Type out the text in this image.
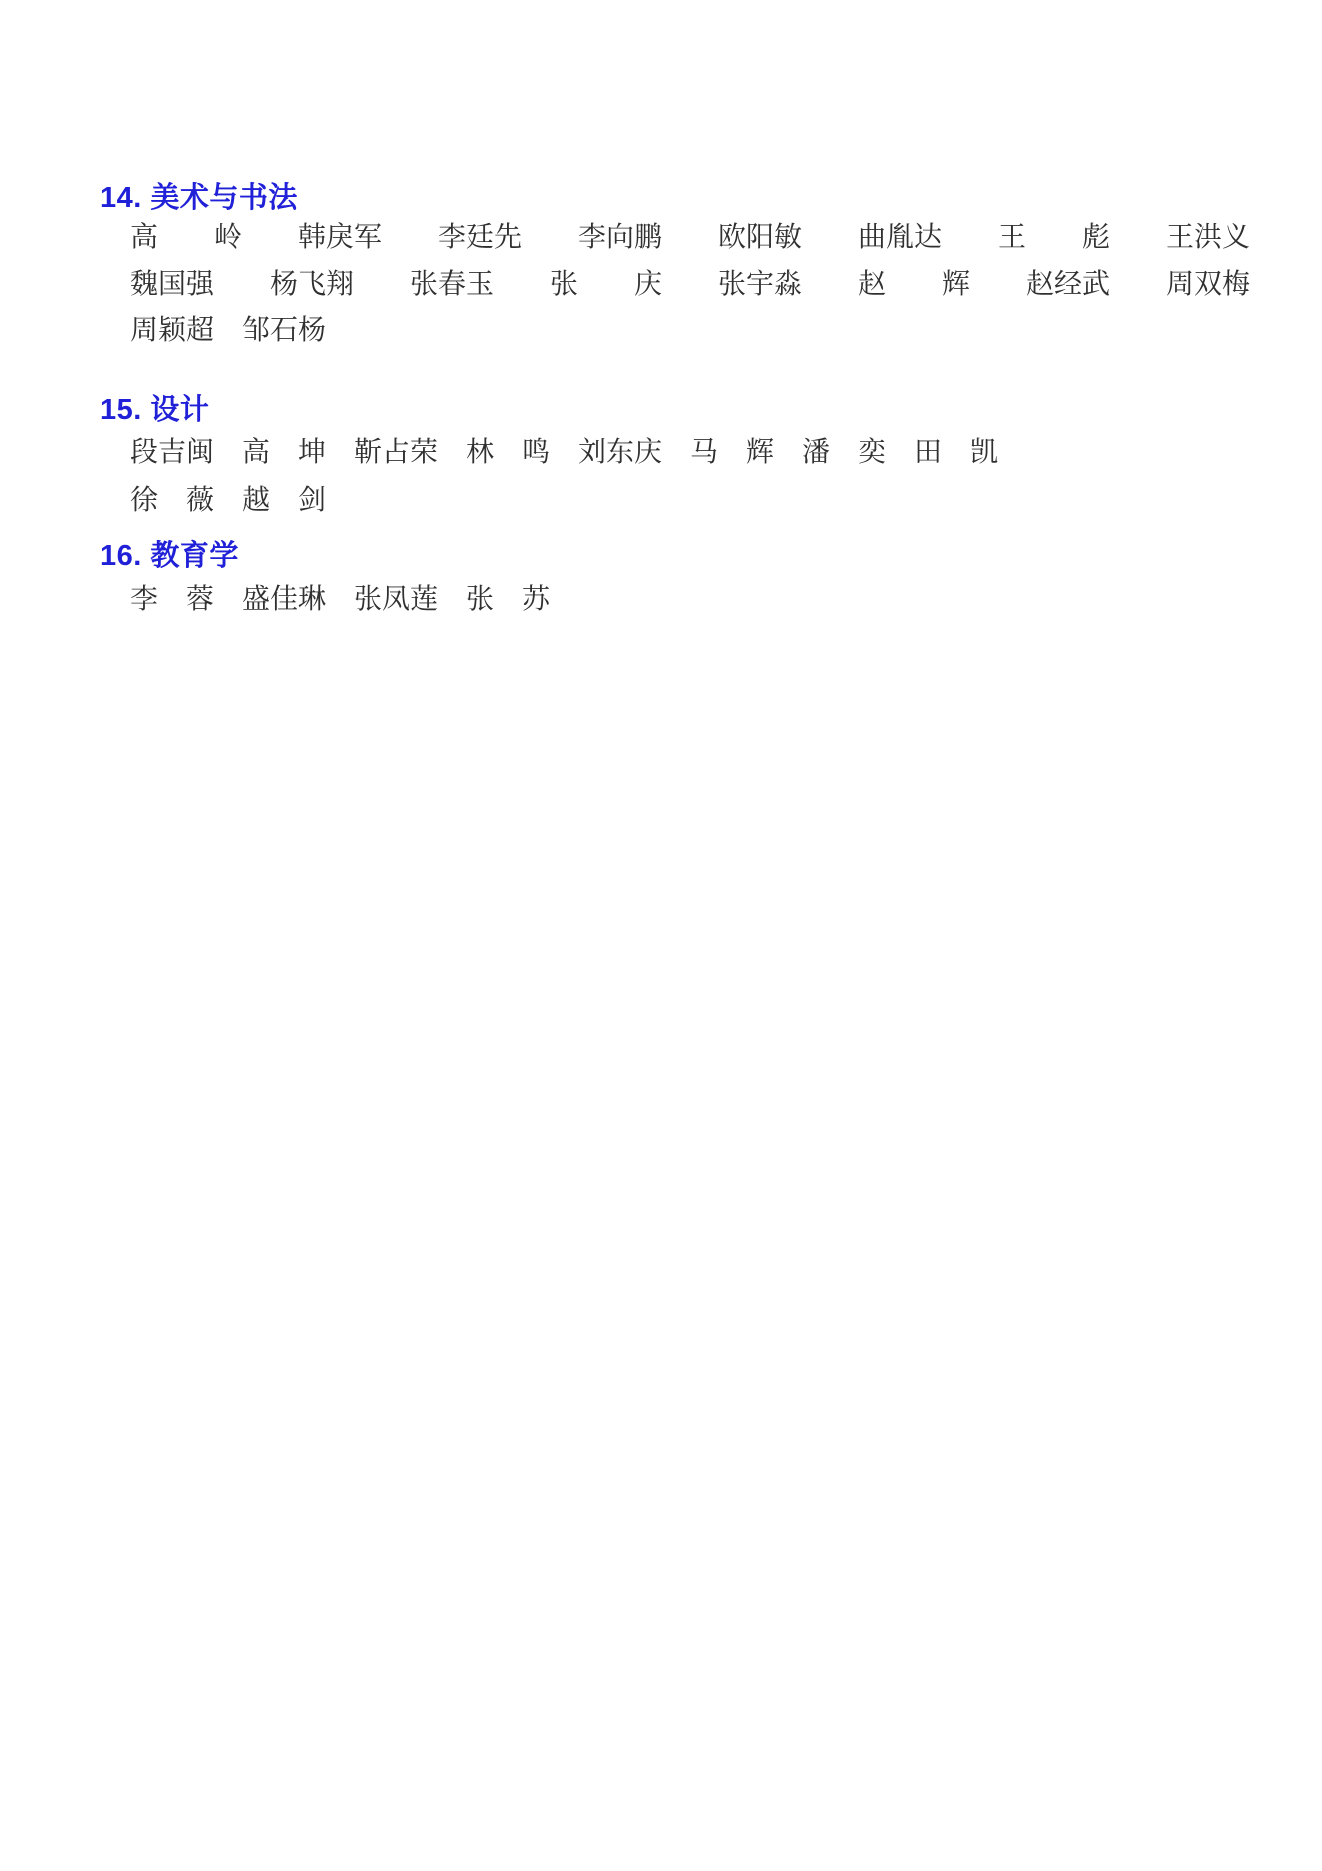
14. 美术与书法
高　　岭　　韩戾军　　李廷先　　李向鹏　　欧阳敏　　曲胤达　　王　　彪　　王洪义
魏国强　　杨飞翔　　张春玉　　张　　庆　　张宇淼　　赵　　辉　　赵经武　　周双梅
周颖超　邹石杨
15. 设计
段吉闽　高　坤　靳占荣　林　鸣　刘东庆　马　辉　潘　奕　田　凯
徐　薇　越　剑
16. 教育学
李　蓉　盛佳琳　张凤莲　张　苏
